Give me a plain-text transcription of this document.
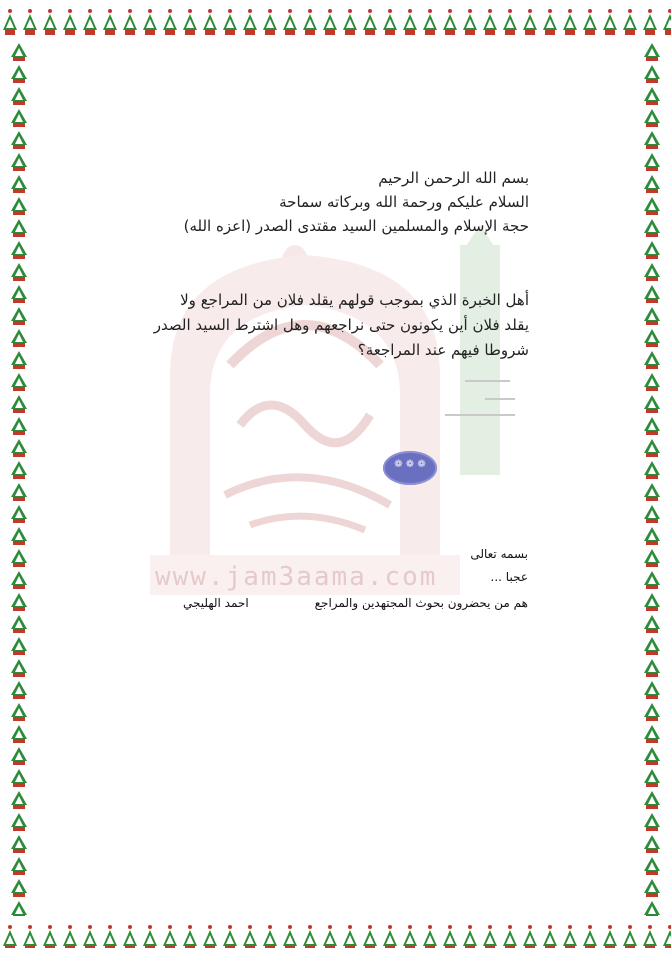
www.jam3aama.com
بسم الله الرحمن الرحيم
السلام عليكم ورحمة الله وبركاته سماحة
حجة الإسلام والمسلمين السيد مقتدى الصدر (اعزه الله)
أهل الخبرة الذي بموجب قولهم يقلد فلان من المراجع ولا
يقلد فلان أين يكونون حتى نراجعهم وهل اشترط السيد الصدر
شروطا فيهم عند المراجعة؟
❁ ❁ ❁
بسمه تعالى
عجبا ...
هم من يحضرون بحوث المجتهدين والمراجع
احمد الهليجي
